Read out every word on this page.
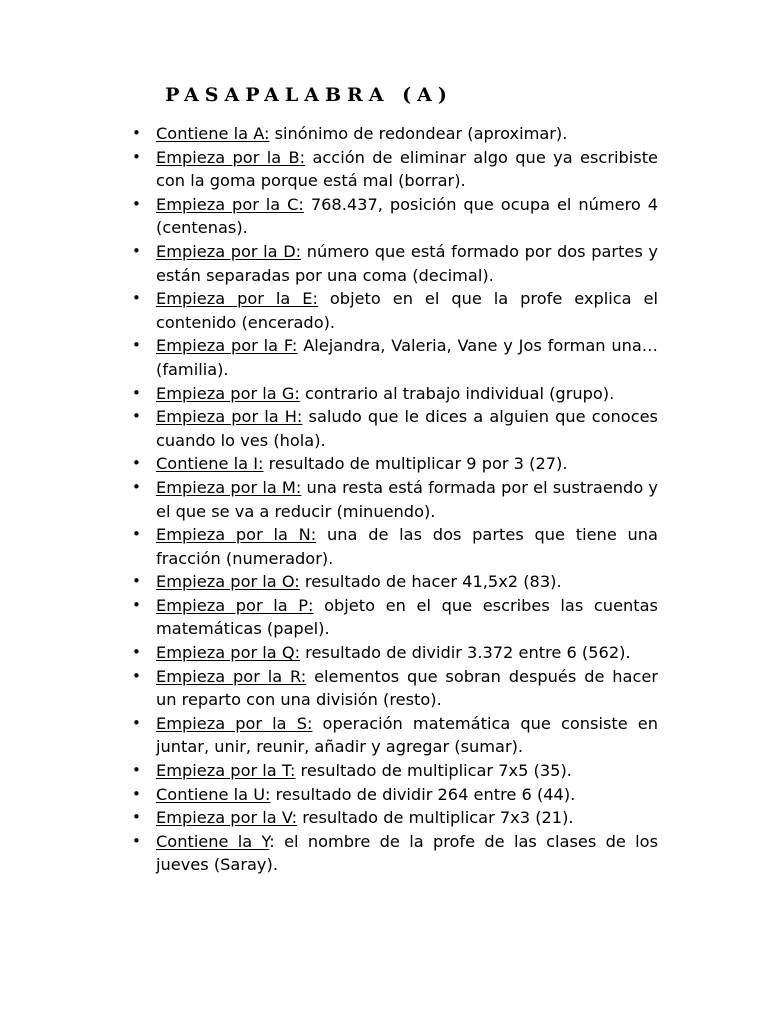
PASAPALABRA (A)
• Contiene la A: sinónimo de redondear (aproximar).
• Empieza por la B: acción de eliminar algo que ya escribiste con la goma porque está mal (borrar).
• Empieza por la C: 768.437, posición que ocupa el número 4 (centenas).
• Empieza por la D: número que está formado por dos partes y están separadas por una coma (decimal).
• Empieza por la E: objeto en el que la profe explica el contenido (encerado).
• Empieza por la F: Alejandra, Valeria, Vane y Jos forman una… (familia).
• Empieza por la G: contrario al trabajo individual (grupo).
• Empieza por la H: saludo que le dices a alguien que conoces cuando lo ves (hola).
• Contiene la I: resultado de multiplicar 9 por 3 (27).
• Empieza por la M: una resta está formada por el sustraendo y el que se va a reducir (minuendo).
• Empieza por la N: una de las dos partes que tiene una fracción (numerador).
• Empieza por la O: resultado de hacer 41,5x2 (83).
• Empieza por la P: objeto en el que escribes las cuentas matemáticas (papel).
• Empieza por la Q: resultado de dividir 3.372 entre 6 (562).
• Empieza por la R: elementos que sobran después de hacer un reparto con una división (resto).
• Empieza por la S: operación matemática que consiste en juntar, unir, reunir, añadir y agregar (sumar).
• Empieza por la T: resultado de multiplicar 7x5 (35).
• Contiene la U: resultado de dividir 264 entre 6 (44).
• Empieza por la V: resultado de multiplicar 7x3 (21).
• Contiene la Y: el nombre de la profe de las clases de los jueves (Saray).
